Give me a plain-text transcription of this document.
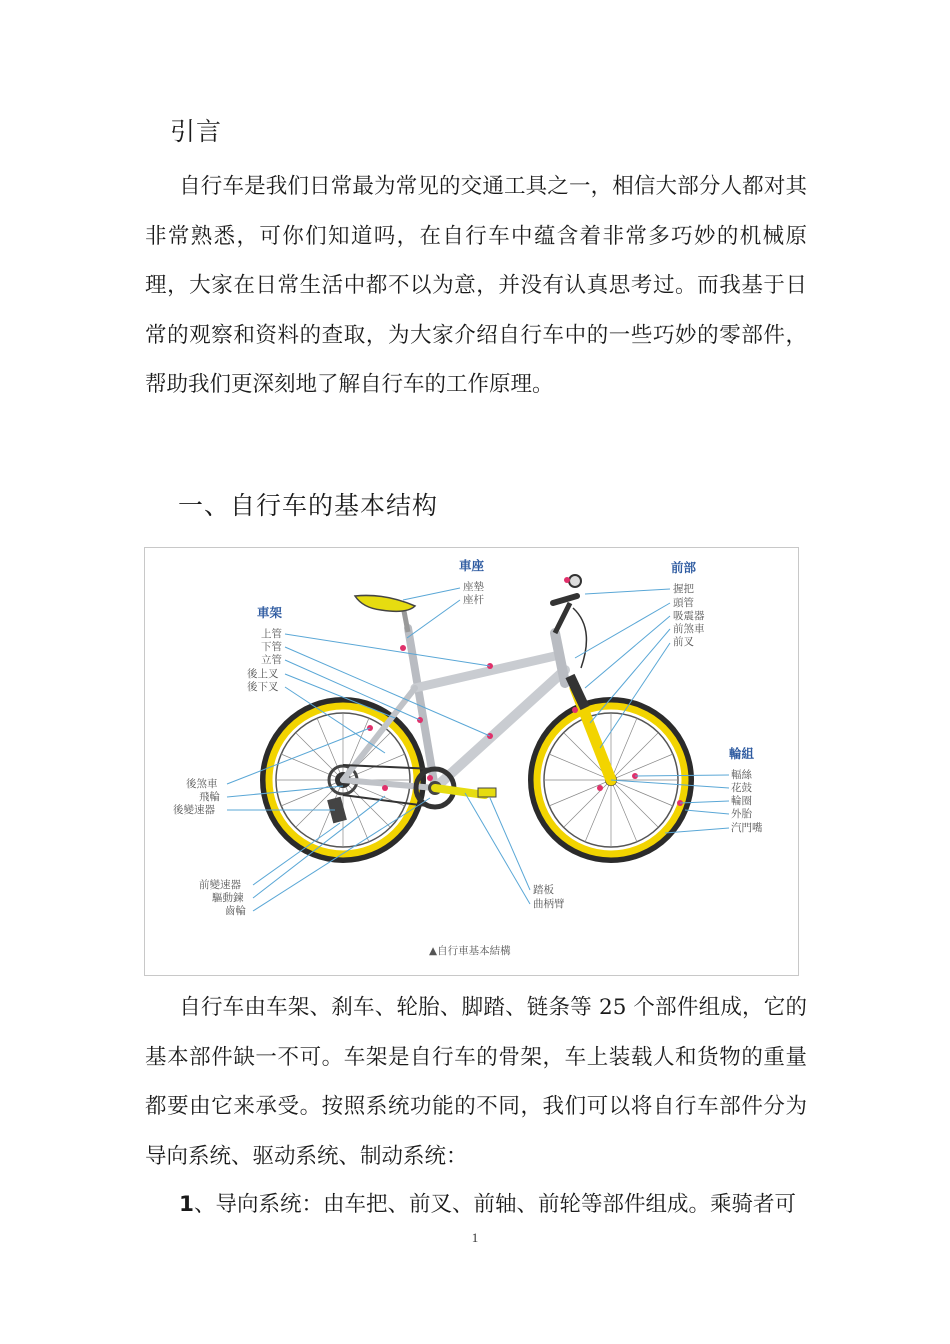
引言

自行车是我们日常最为常见的交通工具之一，相信大部分人都对其非常熟悉，可你们知道吗，在自行车中蕴含着非常多巧妙的机械原理，大家在日常生活中都不以为意，并没有认真思考过。而我基于日常的观察和资料的查取，为大家介绍自行车中的一些巧妙的零部件，帮助我们更深刻地了解自行车的工作原理。

一、自行车的基本结构
車座
座墊
座杆
前部
握把
頭管
吸震器
前煞車
前叉
車架
上管
下管
立管
後上叉
後下叉
後煞車
飛輪
後變速器
前變速器
驅動鍊
齒輪
踏板
曲柄臂
輪組
輻絲
花鼓
輪圈
外胎
汽門嘴
▲自行車基本結構

自行车由车架、刹车、轮胎、脚踏、链条等 25 个部件组成，它的基本部件缺一不可。车架是自行车的骨架，车上装载人和货物的重量都要由它来承受。按照系统功能的不同，我们可以将自行车部件分为导向系统、驱动系统、制动系统：

1、导向系统：由车把、前叉、前轴、前轮等部件组成。乘骑者可

1
